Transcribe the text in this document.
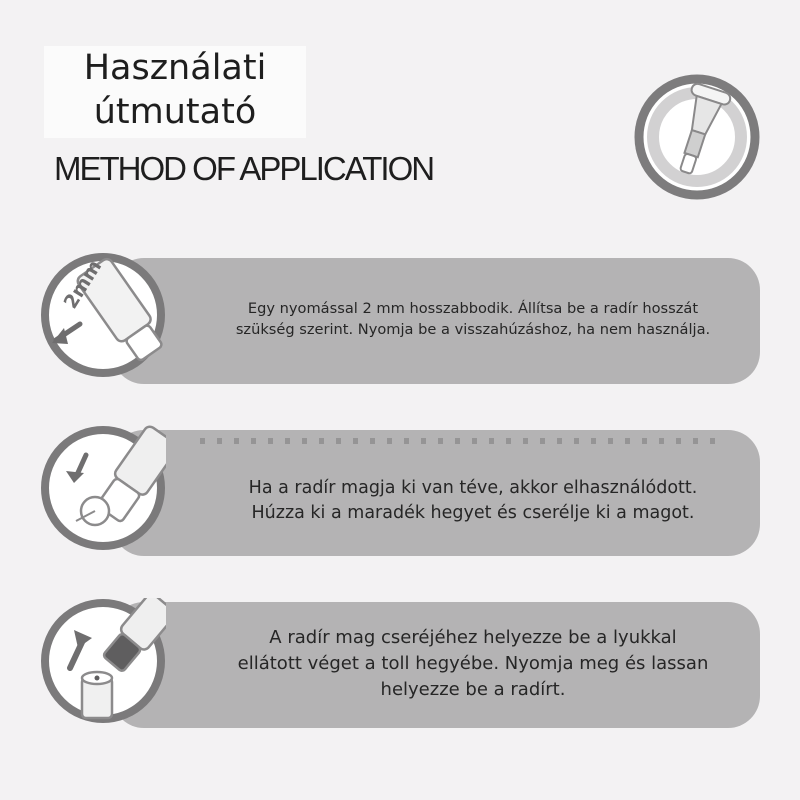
Használati
útmutató
METHOD OF APPLICATION
2mm	Egy nyomással 2 mm hosszabbodik. Állítsa be a radír hosszát
szükség szerint. Nyomja be a visszahúzáshoz, ha nem használja.
Ha a radír magja ki van téve, akkor elhasználódott.
Húzza ki a maradék hegyet és cserélje ki a magot.
A radír mag cseréjéhez helyezze be a lyukkal
ellátott véget a toll hegyébe. Nyomja meg és lassan
helyezze be a radírt.
